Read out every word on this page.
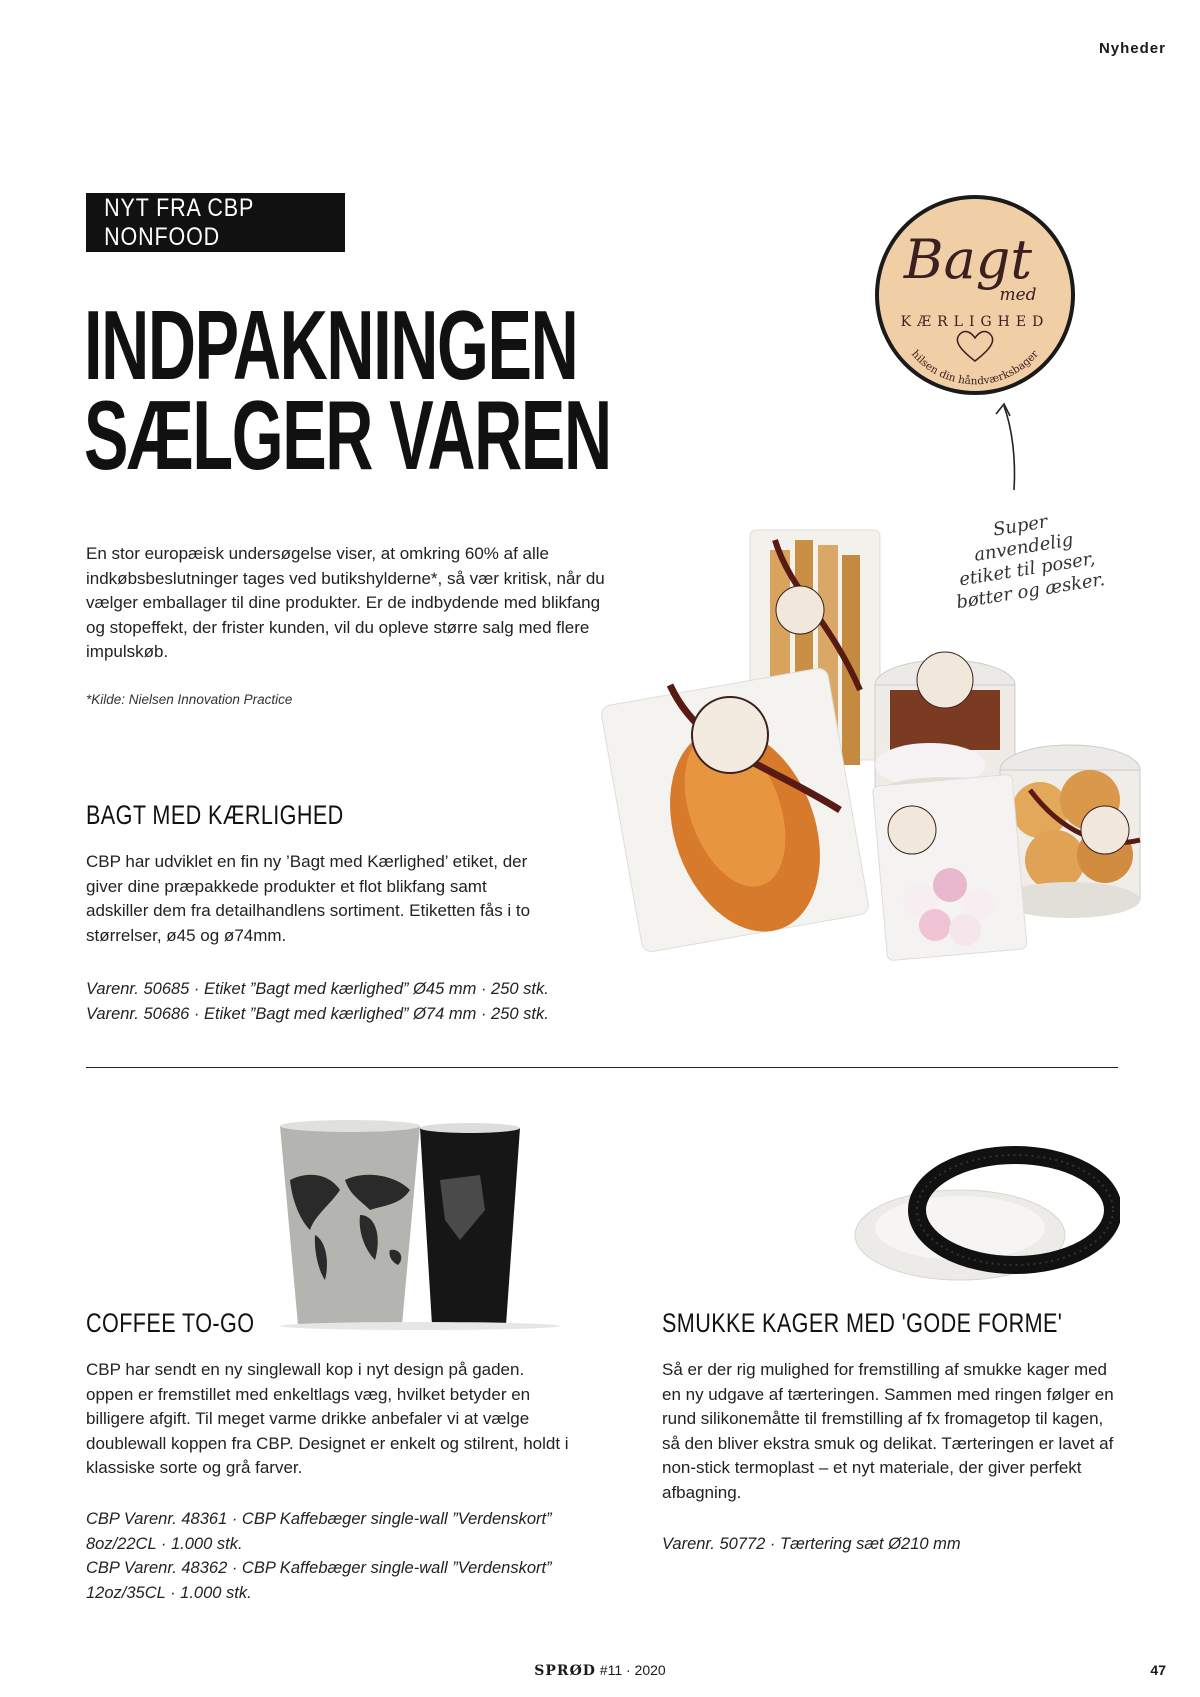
Nyheder
NYT FRA CBP NONFOOD
INDPAKNINGEN
SÆLGER VAREN

En stor europæisk undersøgelse viser, at omkring 60% af alle indkøbsbeslutninger tages ved butikshylderne*, så vær kritisk, når du vælger emballager til dine produkter. Er de indbydende med blikfang og stopeffekt, der frister kunden, vil du opleve større salg med flere impulskøb.

*Kilde: Nielsen Innovation Practice
Bagt
med
KÆRLIGHED
hilsen din håndværksbager
Super anvendelig etiket til poser, bøtter og æsker.
BAGT MED KÆRLIGHED

CBP har udviklet en fin ny ’Bagt med Kærlighed’ etiket, der giver dine præpakkede produkter et flot blikfang samt adskiller dem fra detailhandlens sortiment. Etiketten fås i to størrelser, ø45 og ø74mm.

Varenr. 50685 · Etiket ”Bagt med kærlighed” Ø45 mm · 250 stk.
Varenr. 50686 · Etiket ”Bagt med kærlighed” Ø74 mm · 250 stk.
COFFEE TO-GO

CBP har sendt en ny singlewall kop i nyt design på gaden. oppen er fremstillet med enkeltlags væg, hvilket betyder en billigere afgift. Til meget varme drikke anbefaler vi at vælge doublewall koppen fra CBP. Designet er enkelt og stilrent, holdt i klassiske sorte og grå farver.

CBP Varenr. 48361 · CBP Kaffebæger single-wall ”Verdenskort” 8oz/22CL · 1.000 stk.
CBP Varenr. 48362 · CBP Kaffebæger single-wall ”Verdenskort” 12oz/35CL · 1.000 stk.
SMUKKE KAGER MED 'GODE FORME'

Så er der rig mulighed for fremstilling af smukke kager med en ny udgave af tærteringen. Sammen med ringen følger en rund silikonemåtte til fremstilling af fx fromagetop til kagen, så den bliver ekstra smuk og delikat. Tærteringen er lavet af non-stick termoplast – et nyt materiale, der giver perfekt afbagning.

Varenr. 50772 · Tærtering sæt Ø210 mm
SPRØD #11 · 2020	47
